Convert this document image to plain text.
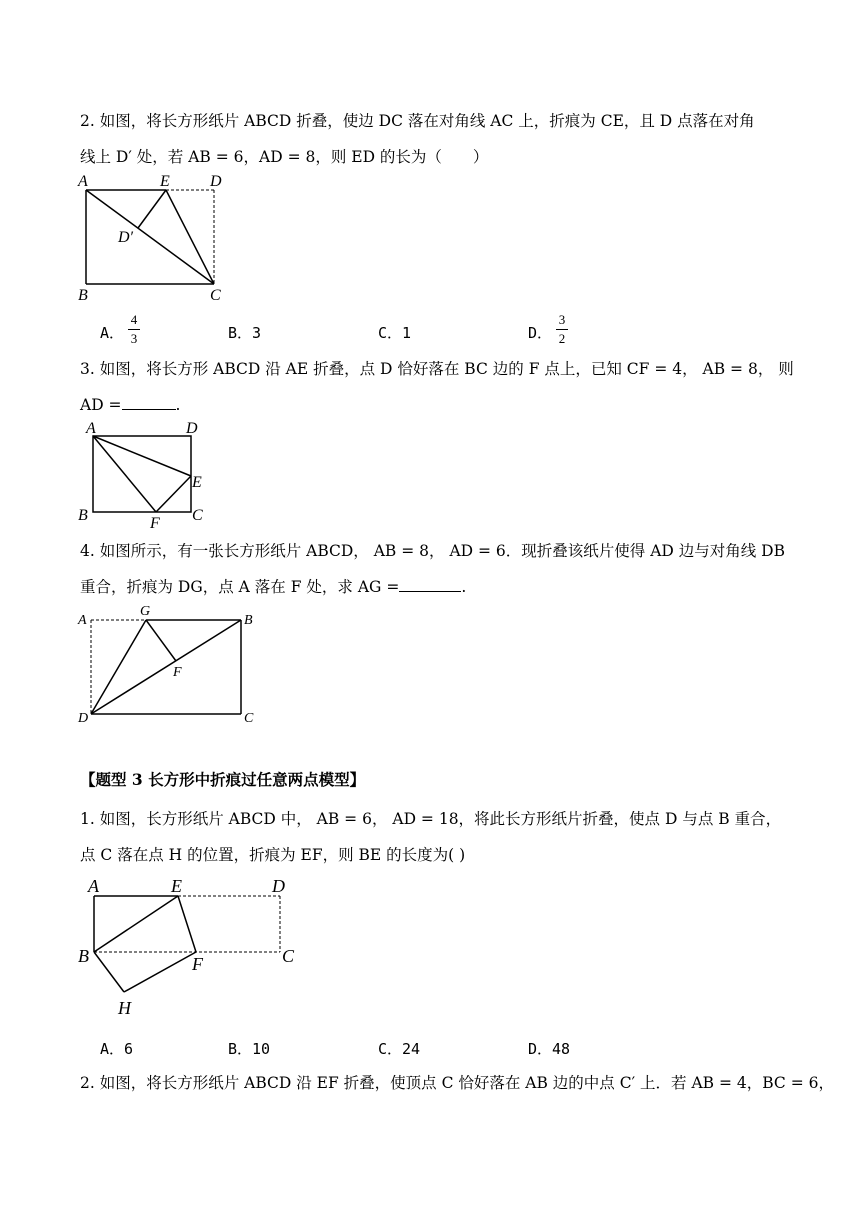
2. 如图，将长方形纸片 ABCD 折叠，使边 DC 落在对角线 AC 上，折痕为 CE，且 D 点落在对角
线上 D′ 处，若 AB = 6，AD = 8，则 ED 的长为（　　）
A	E	D
D′
B	C
A．
4
3	B．3	C．1	D．
3
2
3. 如图，将长方形 ABCD 沿 AE 折叠，点 D 恰好落在 BC 边的 F 点上，已知 CF = 4， AB = 8， 则
AD =	.
A	D
E
B	F C
4. 如图所示，有一张长方形纸片 ABCD， AB = 8， AD = 6．现折叠该纸片使得 AD 边与对角线 DB
重合，折痕为 DG，点 A 落在 F 处，求 AG =	.
A
G
B
F
D	C
【题型 3 长方形中折痕过任意两点模型】
1. 如图，长方形纸片 ABCD 中， AB = 6， AD = 18，将此长方形纸片折叠，使点 D 与点 B 重合，
点 C 落在点 H 的位置，折痕为 EF，则 BE 的长度为( )
A	E	D
B	F	C
H
A．6	B．10	C．24	D．48
2. 如图，将长方形纸片 ABCD 沿 EF 折叠，使顶点 C 恰好落在 AB 边的中点 C′ 上．若 AB = 4，BC = 6，
